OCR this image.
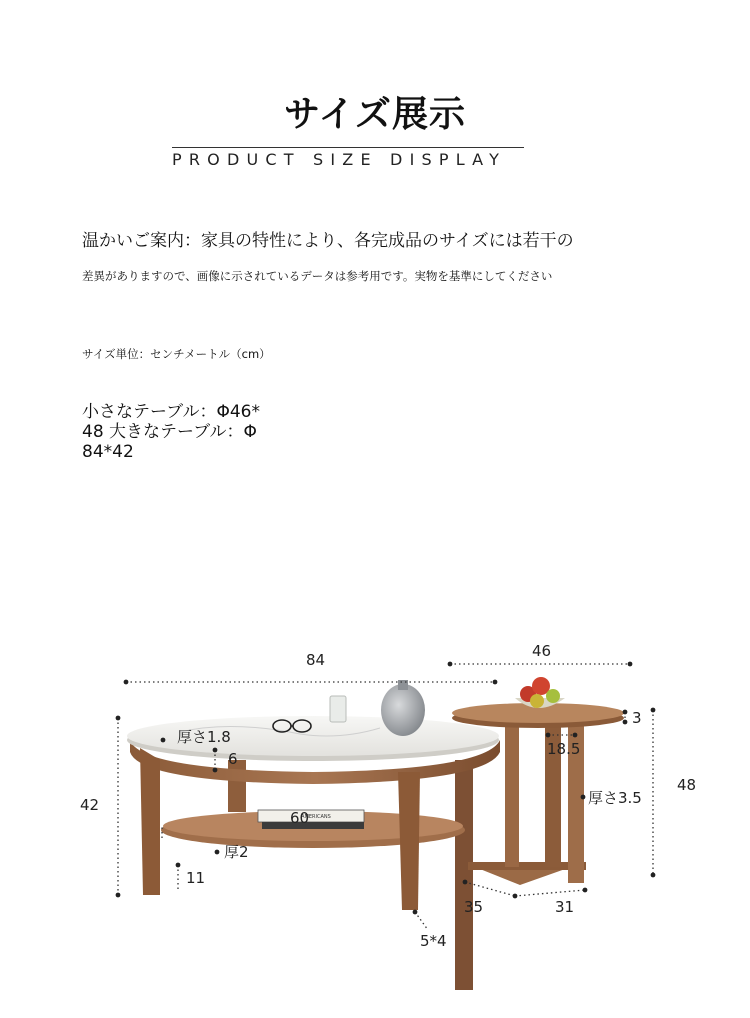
サイズ展示
PRODUCT SIZE DISPLAY
温かいご案内：家具の特性により、各完成品のサイズには若干の
差異がありますので、画像に示されているデータは参考用です。実物を基準にしてください
サイズ単位：センチメートル（cm）
小さなテーブル：Φ46*
48 大きなテーブル：Φ
84*42
AMERICANS
84	46
厚さ1.8
6
42
60
厚2
11
5*4
3
18.5
厚さ3.5
48
35	31
